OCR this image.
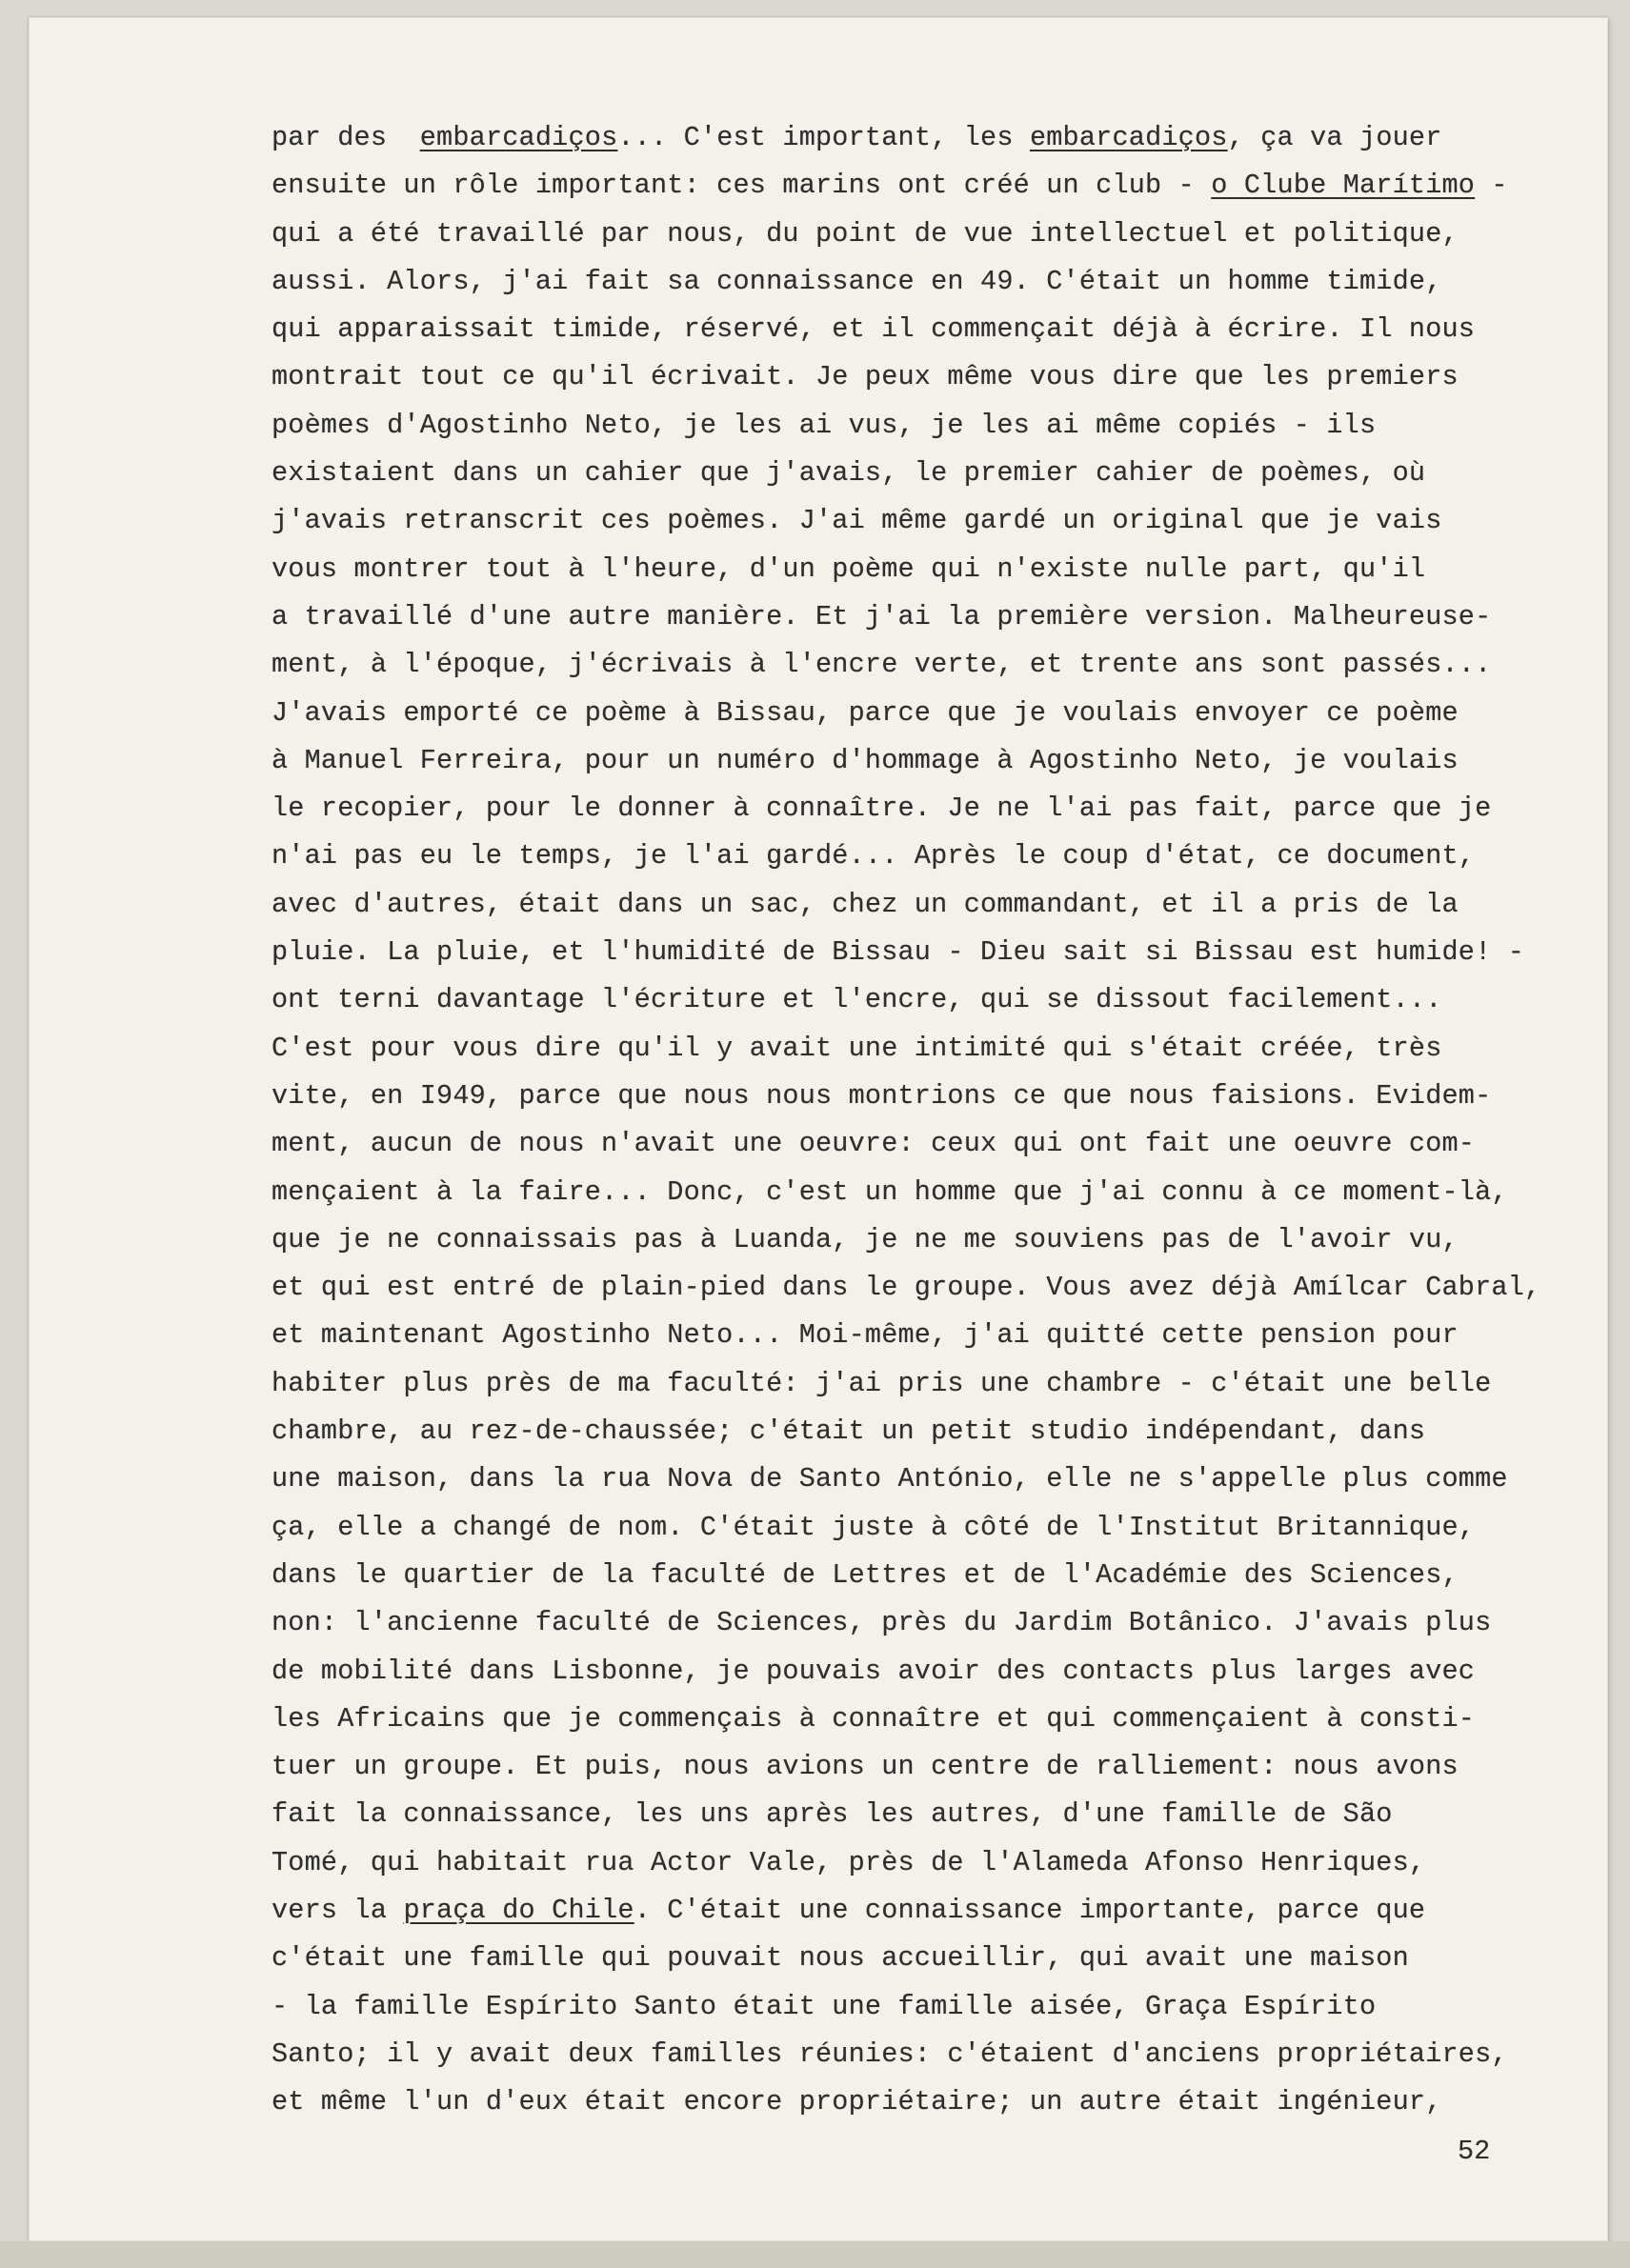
par des  embarcadiços... C'est important, les embarcadiços, ça va jouer
ensuite un rôle important: ces marins ont créé un club - o Clube Marítimo -
qui a été travaillé par nous, du point de vue intellectuel et politique,
aussi. Alors, j'ai fait sa connaissance en 49. C'était un homme timide,
qui apparaissait timide, réservé, et il commençait déjà à écrire. Il nous
montrait tout ce qu'il écrivait. Je peux même vous dire que les premiers
poèmes d'Agostinho Neto, je les ai vus, je les ai même copiés - ils
existaient dans un cahier que j'avais, le premier cahier de poèmes, où
j'avais retranscrit ces poèmes. J'ai même gardé un original que je vais
vous montrer tout à l'heure, d'un poème qui n'existe nulle part, qu'il
a travaillé d'une autre manière. Et j'ai la première version. Malheureuse-
ment, à l'époque, j'écrivais à l'encre verte, et trente ans sont passés...
J'avais emporté ce poème à Bissau, parce que je voulais envoyer ce poème
à Manuel Ferreira, pour un numéro d'hommage à Agostinho Neto, je voulais
le recopier, pour le donner à connaître. Je ne l'ai pas fait, parce que je
n'ai pas eu le temps, je l'ai gardé... Après le coup d'état, ce document,
avec d'autres, était dans un sac, chez un commandant, et il a pris de la
pluie. La pluie, et l'humidité de Bissau - Dieu sait si Bissau est humide! -
ont terni davantage l'écriture et l'encre, qui se dissout facilement...
C'est pour vous dire qu'il y avait une intimité qui s'était créée, très
vite, en I949, parce que nous nous montrions ce que nous faisions. Evidem-
ment, aucun de nous n'avait une oeuvre: ceux qui ont fait une oeuvre com-
mençaient à la faire... Donc, c'est un homme que j'ai connu à ce moment-là,
que je ne connaissais pas à Luanda, je ne me souviens pas de l'avoir vu,
et qui est entré de plain-pied dans le groupe. Vous avez déjà Amílcar Cabral,
et maintenant Agostinho Neto... Moi-même, j'ai quitté cette pension pour
habiter plus près de ma faculté: j'ai pris une chambre - c'était une belle
chambre, au rez-de-chaussée; c'était un petit studio indépendant, dans
une maison, dans la rua Nova de Santo António, elle ne s'appelle plus comme
ça, elle a changé de nom. C'était juste à côté de l'Institut Britannique,
dans le quartier de la faculté de Lettres et de l'Académie des Sciences,
non: l'ancienne faculté de Sciences, près du Jardim Botânico. J'avais plus
de mobilité dans Lisbonne, je pouvais avoir des contacts plus larges avec
les Africains que je commençais à connaître et qui commençaient à consti-
tuer un groupe. Et puis, nous avions un centre de ralliement: nous avons
fait la connaissance, les uns après les autres, d'une famille de São
Tomé, qui habitait rua Actor Vale, près de l'Alameda Afonso Henriques,
vers la praça do Chile. C'était une connaissance importante, parce que
c'était une famille qui pouvait nous accueillir, qui avait une maison
- la famille Espírito Santo était une famille aisée, Graça Espírito
Santo; il y avait deux familles réunies: c'étaient d'anciens propriétaires,
et même l'un d'eux était encore propriétaire; un autre était ingénieur,
52
